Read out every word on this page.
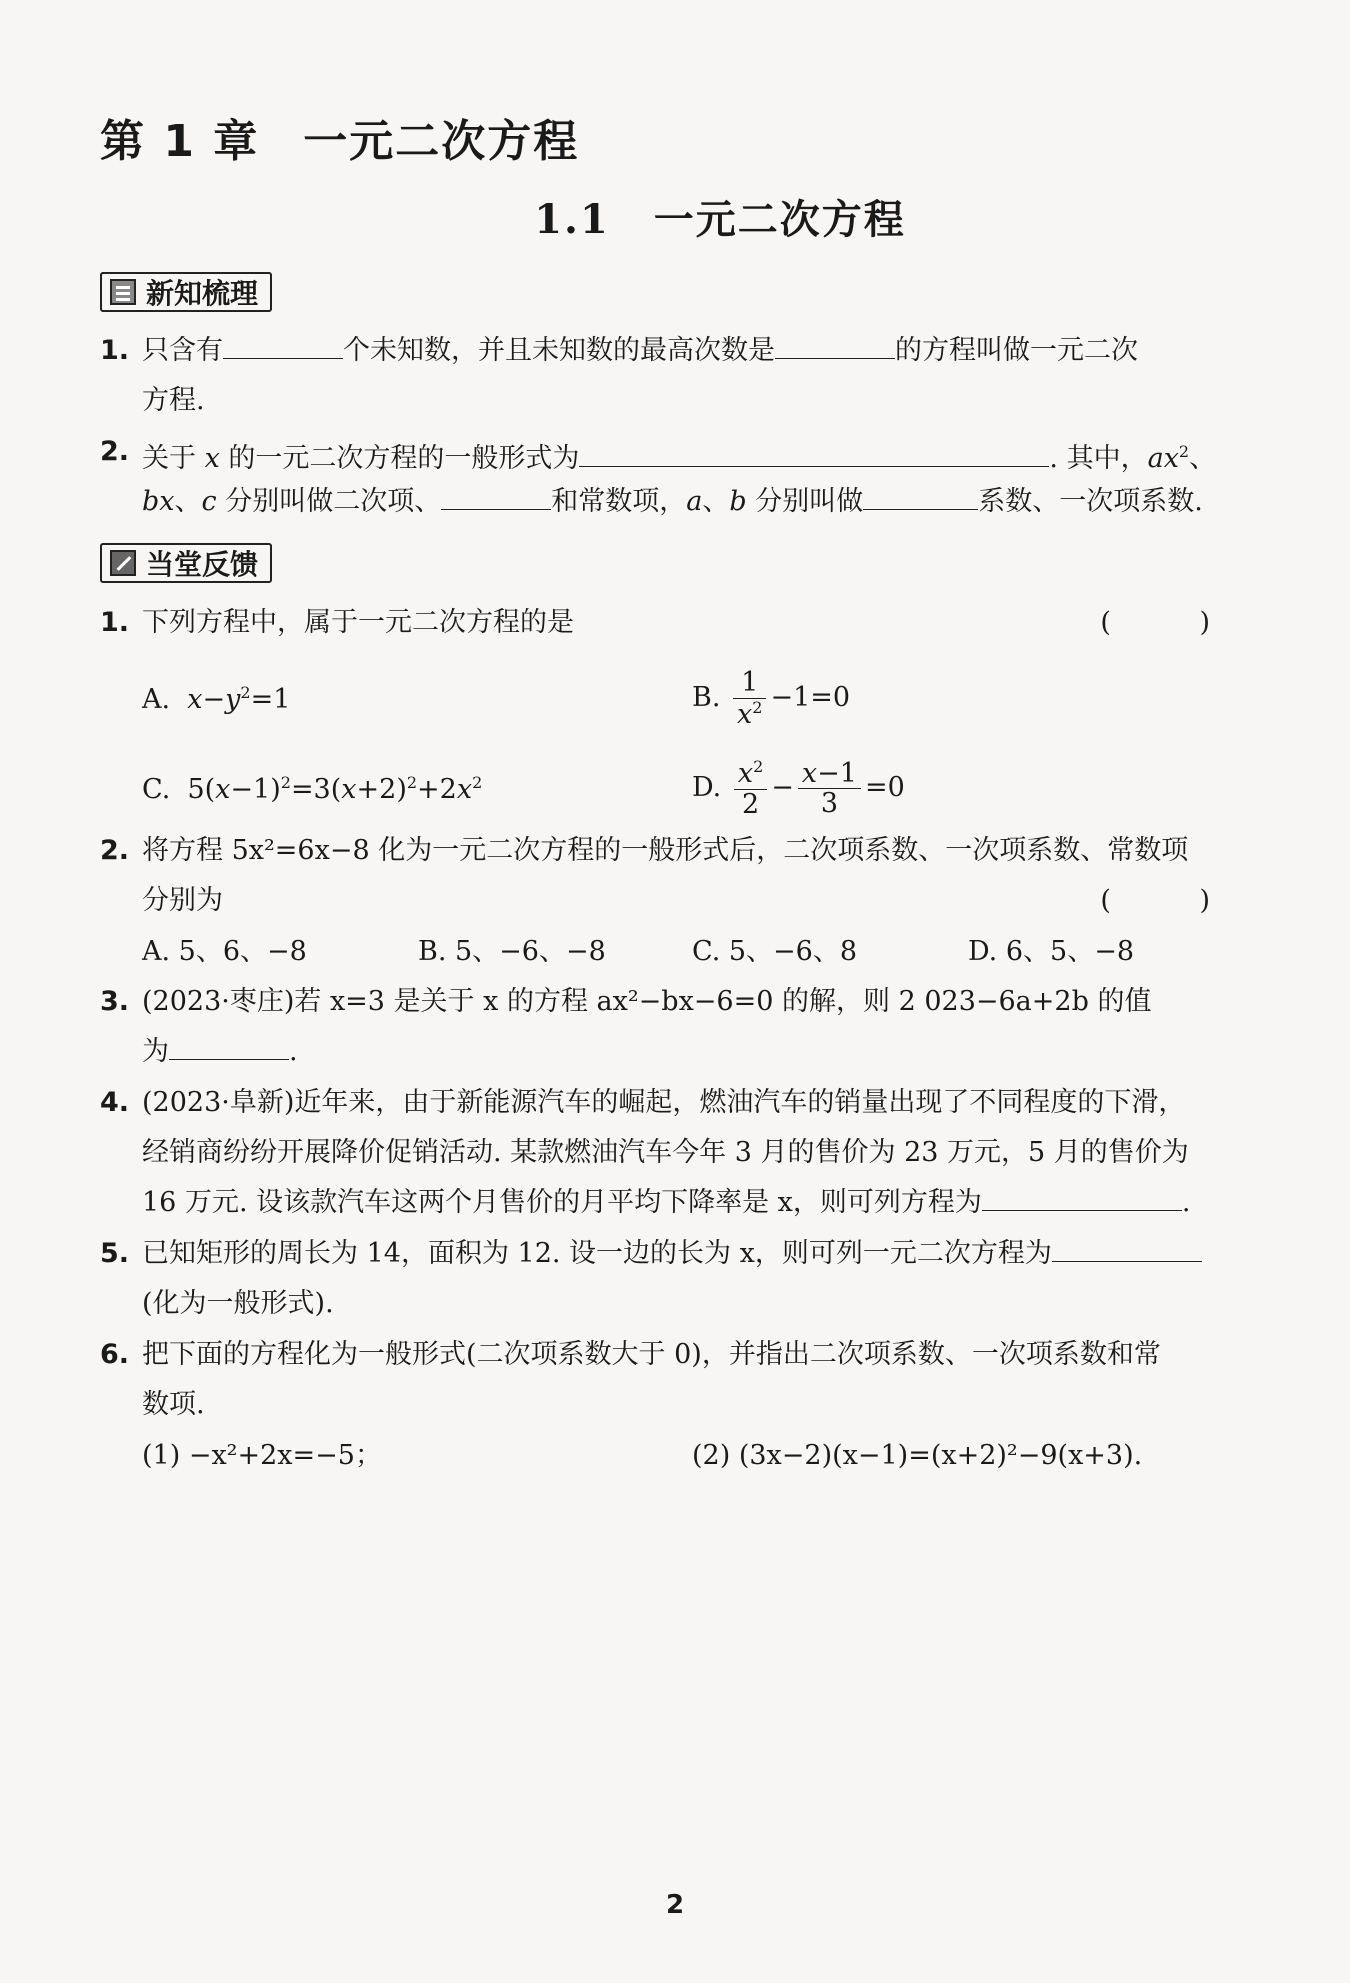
第 1 章 一元二次方程
1.1 一元二次方程
新知梳理
1. 只含有	个未知数，并且未知数的最高次数是	的方程叫做一元二次
方程.
2. 关于 x 的一元二次方程的一般形式为	. 其中，$ax^2$、
bx、c 分别叫做二次项、	和常数项，a、b 分别叫做	系数、一次项系数.
当堂反馈
1. 下列方程中，属于一元二次方程的是	( )
A. $x-y^2=1$	B. $\frac{1}{x^2} -1=0$
C.  $5(x-1)^2=3(x+2)^2+2x^2$	D. $\frac{x^2}{2} - \frac{x-1}{3} =0$
2. 将方程 5x²=6x−8 化为一元二次方程的一般形式后，二次项系数、一次项系数、常数项
分别为	( )
A. 5、6、−8	B. 5、−6、−8	C. 5、−6、8	D. 6、5、−8
3. (2023·枣庄)若 x=3 是关于 x 的方程 ax²−bx−6=0 的解，则 2 023−6a+2b 的值
为	.
4. (2023·阜新)近年来，由于新能源汽车的崛起，燃油汽车的销量出现了不同程度的下滑，
经销商纷纷开展降价促销活动. 某款燃油汽车今年 3 月的售价为 23 万元，5 月的售价为
16 万元. 设该款汽车这两个月售价的月平均下降率是 x，则可列方程为	.
5. 已知矩形的周长为 14，面积为 12. 设一边的长为 x，则可列一元二次方程为
(化为一般形式).
6. 把下面的方程化为一般形式(二次项系数大于 0)，并指出二次项系数、一次项系数和常
数项.
(1) −x²+2x=−5；	(2) (3x−2)(x−1)=(x+2)²−9(x+3).
2
